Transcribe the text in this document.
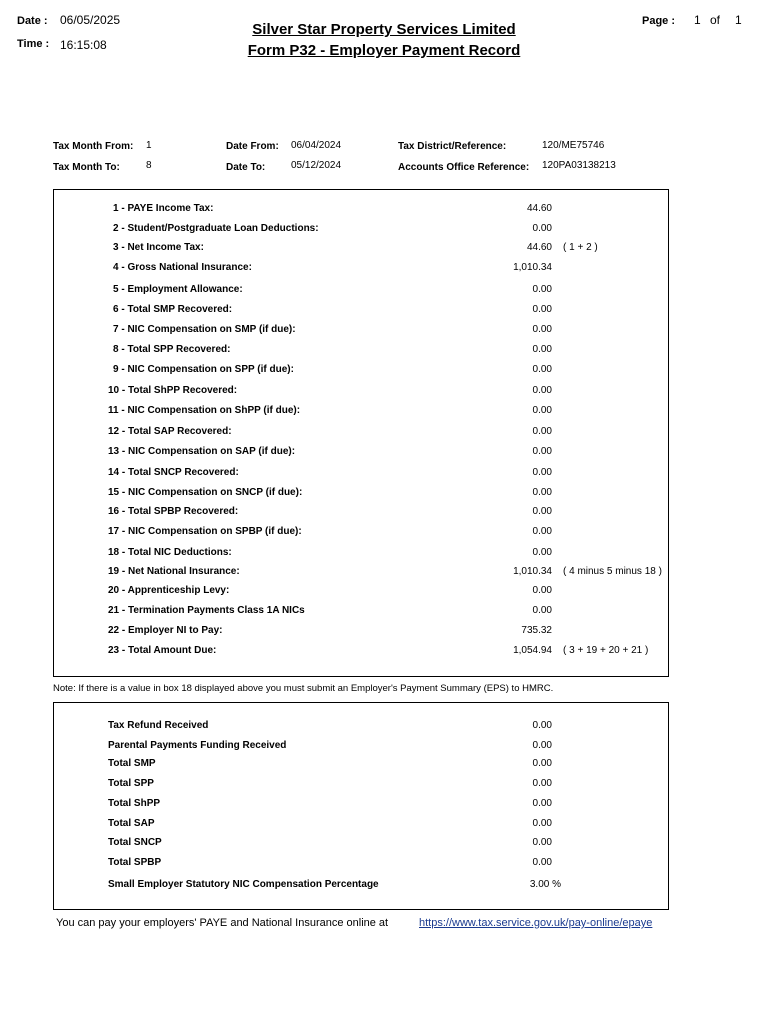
Date : 06/05/2025
Time : 16:15:08
Silver Star Property Services Limited
Form P32 - Employer Payment Record
Page : 1 of 1
Tax Month From: 1
Tax Month To:	8
Date From: 06/04/2024
Date To:	05/12/2024
Tax District/Reference:	120/ME75746
Accounts Office Reference: 120PA03138213
1 - PAYE Income Tax:	44.60
2 - Student/Postgraduate Loan Deductions:	0.00
3 - Net Income Tax:	44.60 ( 1 + 2 )
4 - Gross National Insurance:	1,010.34
5 - Employment Allowance:	0.00
6 - Total SMP Recovered:	0.00
7 - NIC Compensation on SMP (if due):	0.00
8 - Total SPP Recovered:	0.00
9 - NIC Compensation on SPP (if due):	0.00
10 - Total ShPP Recovered:	0.00
11 - NIC Compensation on ShPP (if due):	0.00
12 - Total SAP Recovered:	0.00
13 - NIC Compensation on SAP (if due):	0.00
14 - Total SNCP Recovered:	0.00
15 - NIC Compensation on SNCP (if due):	0.00
16 - Total SPBP Recovered:	0.00
17 - NIC Compensation on SPBP (if due):	0.00
18 - Total NIC Deductions:	0.00
19 - Net National Insurance:	1,010.34 ( 4 minus 5 minus 18 )
20 - Apprenticeship Levy:	0.00
21 - Termination Payments Class 1A NICs	0.00
22 - Employer NI to Pay:	735.32
23 - Total Amount Due:	1,054.94 ( 3 + 19 + 20 + 21 )
Note: If there is a value in box 18 displayed above you must submit an Employer's Payment Summary (EPS) to HMRC.
Tax Refund Received	0.00
Parental Payments Funding Received	0.00
Total SMP	0.00
Total SPP	0.00
Total ShPP	0.00
Total SAP	0.00
Total SNCP	0.00
Total SPBP	0.00
Small Employer Statutory NIC Compensation Percentage	3.00 %
You can pay your employers' PAYE and National Insurance online at	https://www.tax.service.gov.uk/pay-online/epaye
